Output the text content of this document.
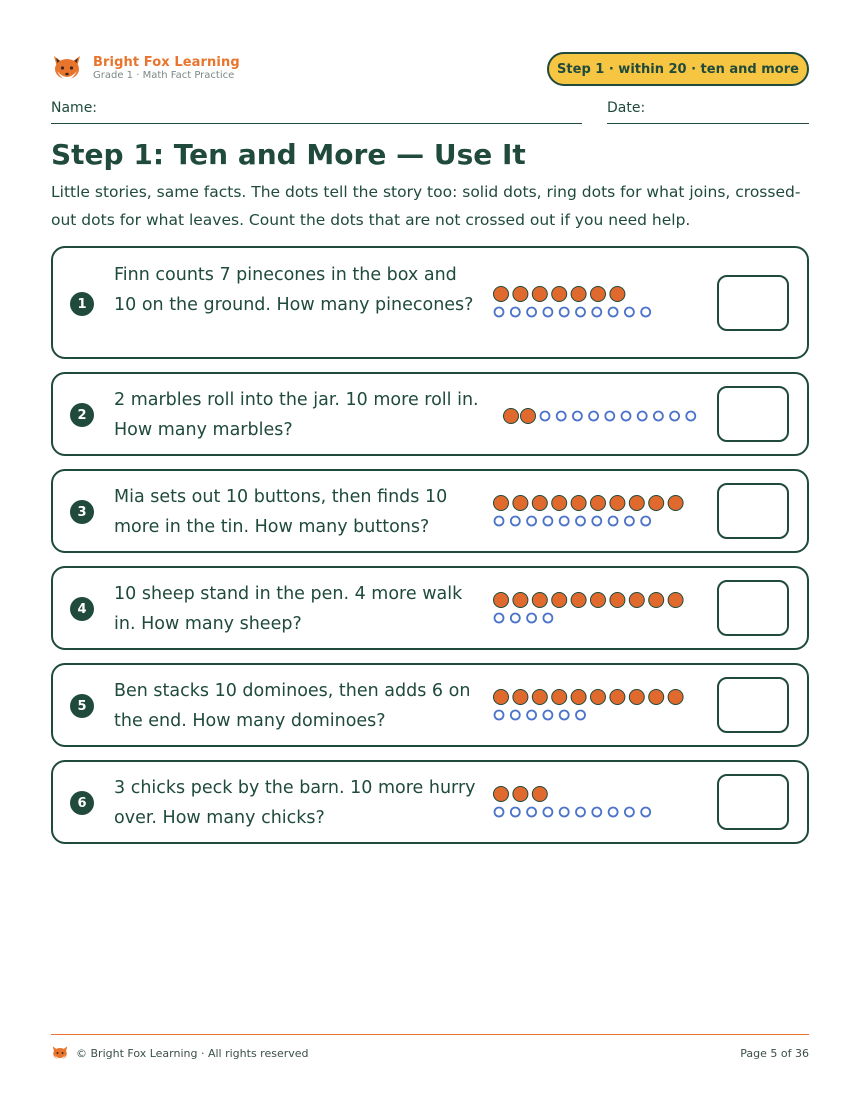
Bright Fox Learning
Grade 1 · Math Fact Practice	Step 1 · within 20 · ten and more
Name:	Date:
Step 1: Ten and More — Use It
Little stories, same facts. The dots tell the story too: solid dots, ring dots for what joins, crossed-out dots for what leaves. Count the dots that are not crossed out if you need help.
1
Finn counts 7 pinecones in the box and 10 on the ground. How many pinecones?
2
2 marbles roll into the jar. 10 more roll in. How many marbles?
3
Mia sets out 10 buttons, then finds 10 more in the tin. How many buttons?
4
10 sheep stand in the pen. 4 more walk in. How many sheep?
5
Ben stacks 10 dominoes, then adds 6 on the end. How many dominoes?
6
3 chicks peck by the barn. 10 more hurry over. How many chicks?
© Bright Fox Learning · All rights reserved	Page 5 of 36
